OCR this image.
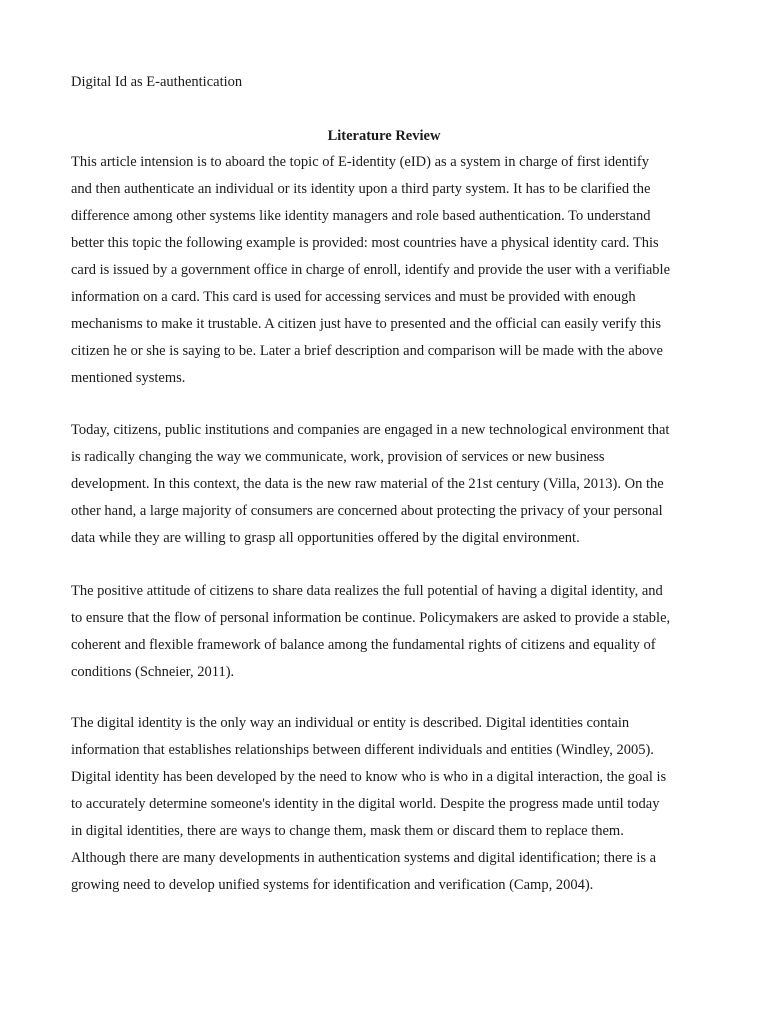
Digital Id as E-authentication
Literature Review
This article intension is to aboard the topic of E-identity (eID) as a system in charge of first identify
and then authenticate an individual or its identity upon a third party system. It has to be clarified the
difference among other systems like identity managers and role based authentication. To understand
better this topic the following example is provided: most countries have a physical identity card. This
card is issued by a government office in charge of enroll, identify and provide the user with a verifiable
information on a card. This card is used for accessing services and must be provided with enough
mechanisms to make it trustable. A citizen just have to presented and the official can easily verify this
citizen he or she is saying to be. Later a brief description and comparison will be made with the above
mentioned systems.
Today, citizens, public institutions and companies are engaged in a new technological environment that
is radically changing the way we communicate, work, provision of services or new business
development. In this context, the data is the new raw material of the 21st century (Villa, 2013). On the
other hand, a large majority of consumers are concerned about protecting the privacy of your personal
data while they are willing to grasp all opportunities offered by the digital environment.
The positive attitude of citizens to share data realizes the full potential of having a digital identity, and
to ensure that the flow of personal information be continue. Policymakers are asked to provide a stable,
coherent and flexible framework of balance among the fundamental rights of citizens and equality of
conditions (Schneier, 2011).
The digital identity is the only way an individual or entity is described. Digital identities contain
information that establishes relationships between different individuals and entities (Windley, 2005).
Digital identity has been developed by the need to know who is who in a digital interaction, the goal is
to accurately determine someone's identity in the digital world. Despite the progress made until today
in digital identities, there are ways to change them, mask them or discard them to replace them.
Although there are many developments in authentication systems and digital identification; there is a
growing need to develop unified systems for identification and verification (Camp, 2004).
